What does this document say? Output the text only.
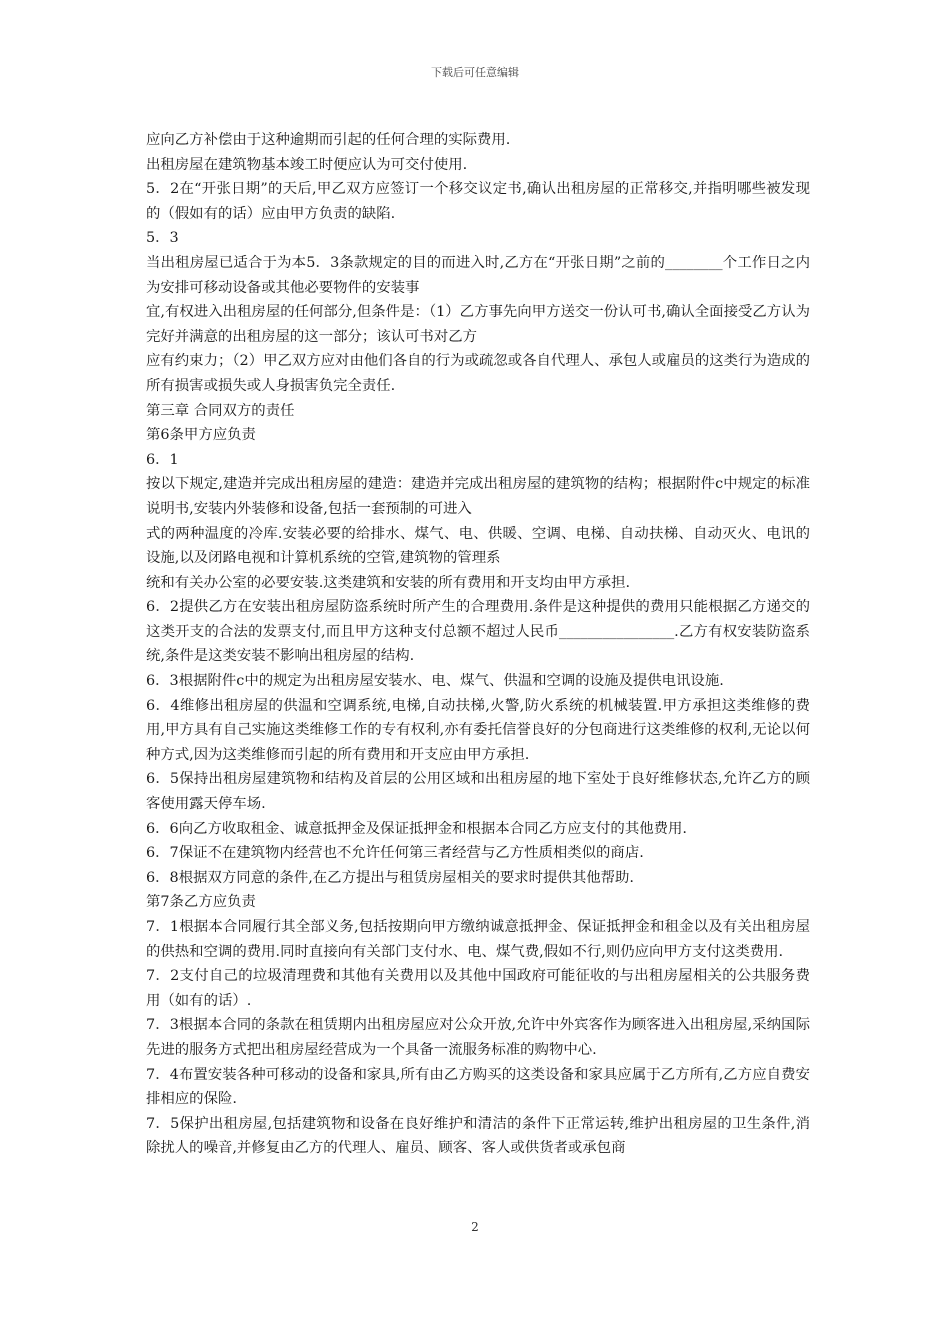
下载后可任意编辑

应向乙方补偿由于这种逾期而引起的任何合理的实际费用.

出租房屋在建筑物基本竣工时便应认为可交付使用.

5．2在“开张日期”的天后,甲乙双方应签订一个移交议定书,确认出租房屋的正常移交,并指明哪些被发现的（假如有的话）应由甲方负责的缺陷.

5．3

当出租房屋已适合于为本5．3条款规定的目的而进入时,乙方在“开张日期”之前的________个工作日之内为安排可移动设备或其他必要物件的安装事

宜,有权进入出租房屋的任何部分,但条件是：（1）乙方事先向甲方送交一份认可书,确认全面接受乙方认为完好并满意的出租房屋的这一部分；该认可书对乙方

应有约束力；（2）甲乙双方应对由他们各自的行为或疏忽或各自代理人、承包人或雇员的这类行为造成的所有损害或损失或人身损害负完全责任.

第三章 合同双方的责任

第6条甲方应负责

6．1

按以下规定,建造并完成出租房屋的建造：建造并完成出租房屋的建筑物的结构；根据附件c中规定的标准说明书,安装内外装修和设备,包括一套预制的可进入

式的两种温度的冷库.安装必要的给排水、煤气、电、供暖、空调、电梯、自动扶梯、自动灭火、电讯的设施,以及闭路电视和计算机系统的空管,建筑物的管理系

统和有关办公室的必要安装.这类建筑和安装的所有费用和开支均由甲方承担.

6．2提供乙方在安装出租房屋防盗系统时所产生的合理费用.条件是这种提供的费用只能根据乙方递交的这类开支的合法的发票支付,而且甲方这种支付总额不超过人民币________________.乙方有权安装防盗系统,条件是这类安装不影响出租房屋的结构.

6．3根据附件c中的规定为出租房屋安装水、电、煤气、供温和空调的设施及提供电讯设施.

6．4维修出租房屋的供温和空调系统,电梯,自动扶梯,火警,防火系统的机械装置.甲方承担这类维修的费用,甲方具有自己实施这类维修工作的专有权利,亦有委托信誉良好的分包商进行这类维修的权利,无论以何种方式,因为这类维修而引起的所有费用和开支应由甲方承担.

6．5保持出租房屋建筑物和结构及首层的公用区域和出租房屋的地下室处于良好维修状态,允许乙方的顾客使用露天停车场.

6．6向乙方收取租金、诚意抵押金及保证抵押金和根据本合同乙方应支付的其他费用.

6．7保证不在建筑物内经营也不允许任何第三者经营与乙方性质相类似的商店.

6．8根据双方同意的条件,在乙方提出与租赁房屋相关的要求时提供其他帮助.

第7条乙方应负责

7．1根据本合同履行其全部义务,包括按期向甲方缴纳诚意抵押金、保证抵押金和租金以及有关出租房屋的供热和空调的费用.同时直接向有关部门支付水、电、煤气费,假如不行,则仍应向甲方支付这类费用.

7．2支付自己的垃圾清理费和其他有关费用以及其他中国政府可能征收的与出租房屋相关的公共服务费用（如有的话）.

7．3根据本合同的条款在租赁期内出租房屋应对公众开放,允许中外宾客作为顾客进入出租房屋,采纳国际先进的服务方式把出租房屋经营成为一个具备一流服务标准的购物中心.

7．4布置安装各种可移动的设备和家具,所有由乙方购买的这类设备和家具应属于乙方所有,乙方应自费安排相应的保险.

7．5保护出租房屋,包括建筑物和设备在良好维护和清洁的条件下正常运转,维护出租房屋的卫生条件,消除扰人的噪音,并修复由乙方的代理人、雇员、顾客、客人或供货者或承包商

2
